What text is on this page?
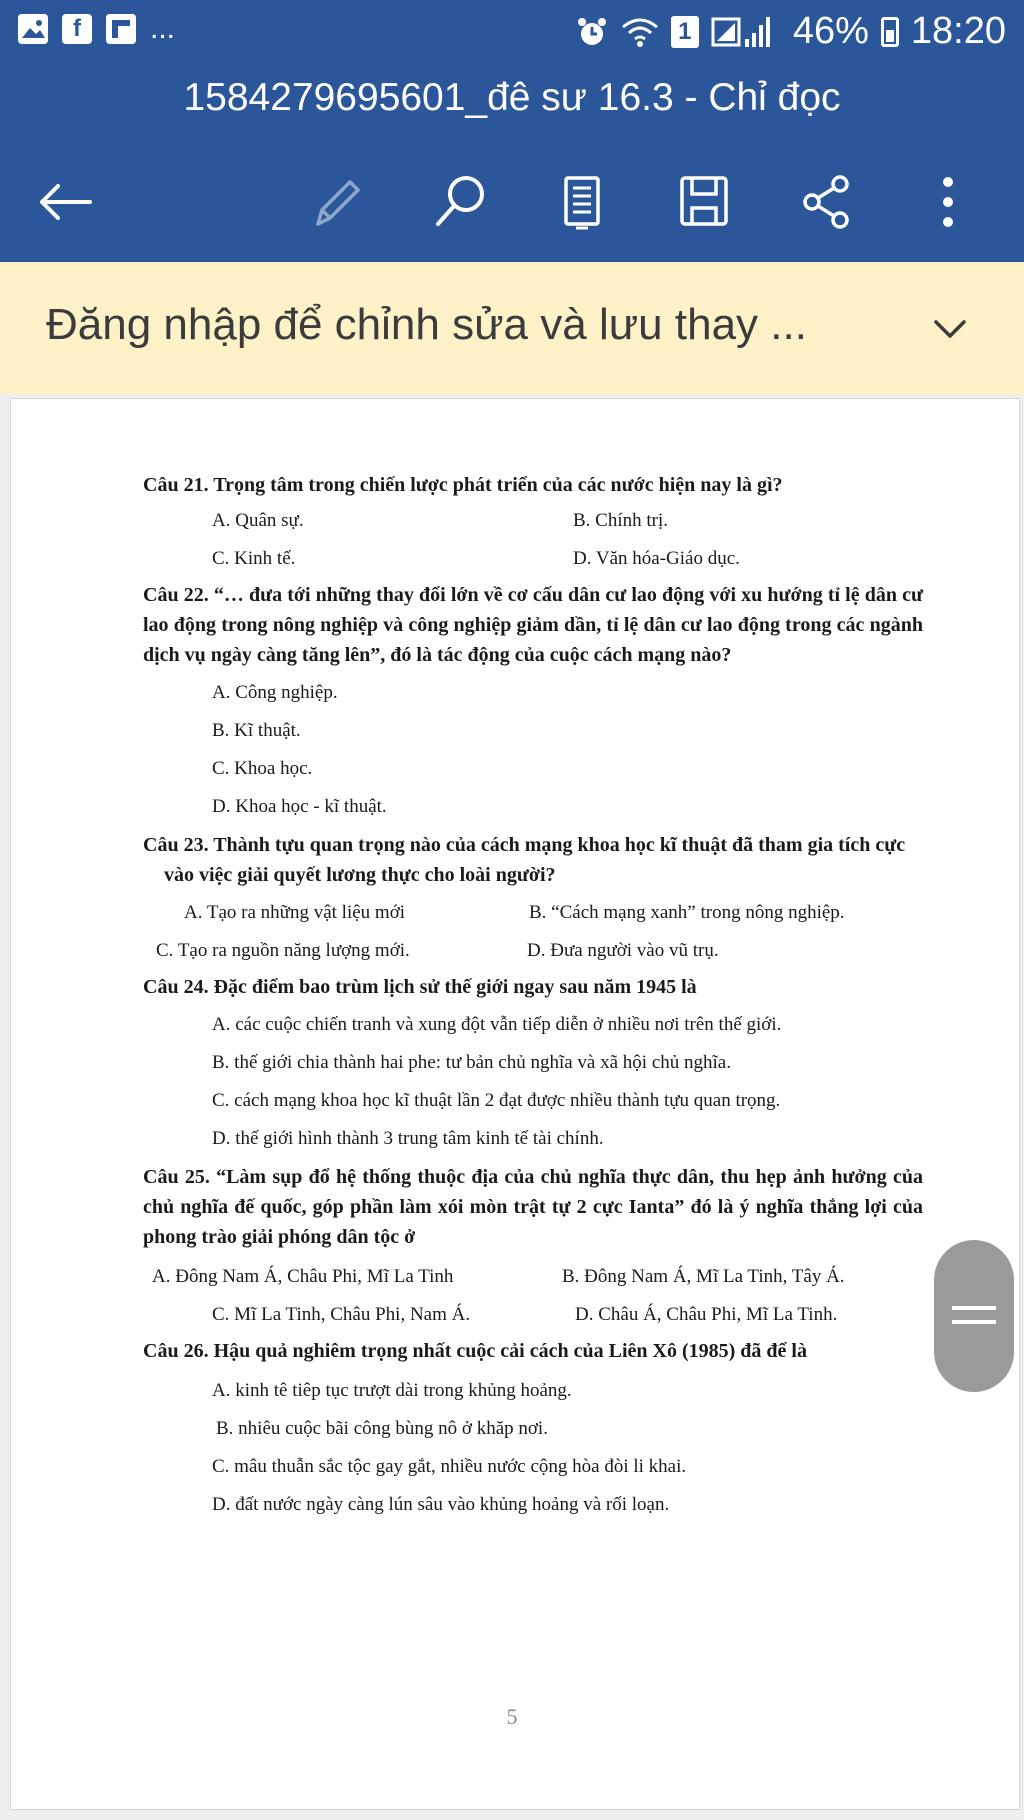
f	...	1	46% 18:20
1584279695601_đê sư 16.3 - Chỉ đọc
Đăng nhập để chỉnh sửa và lưu thay ...

Câu 21. Trọng tâm trong chiến lược phát triển của các nước hiện nay là gì?

A. Quân sự.	B. Chính trị.
C. Kinh tế.	D. Văn hóa-Giáo dục.

Câu 22. “… đưa tới những thay đổi lớn về cơ cấu dân cư lao động với xu hướng tỉ lệ dân cư lao động trong nông nghiệp và công nghiệp giảm dần, tỉ lệ dân cư lao động trong các ngành dịch vụ ngày càng tăng lên”, đó là tác động của cuộc cách mạng nào?

A. Công nghiệp.
B. Kĩ thuật.
C. Khoa học.
D. Khoa học - kĩ thuật.

Câu 23. Thành tựu quan trọng nào của cách mạng khoa học kĩ thuật đã tham gia tích cực vào việc giải quyết lương thực cho loài người?

A. Tạo ra những vật liệu mới	B. “Cách mạng xanh” trong nông nghiệp.
C. Tạo ra nguồn năng lượng mới.	D. Đưa người vào vũ trụ.

Câu 24. Đặc điểm bao trùm lịch sử thế giới ngay sau năm 1945 là

A. các cuộc chiến tranh và xung đột vẫn tiếp diễn ở nhiều nơi trên thế giới.
B. thế giới chia thành hai phe: tư bản chủ nghĩa và xã hội chủ nghĩa.
C. cách mạng khoa học kĩ thuật lần 2 đạt được nhiều thành tựu quan trọng.
D. thế giới hình thành 3 trung tâm kinh tế tài chính.

Câu 25. “Làm sụp đổ hệ thống thuộc địa của chủ nghĩa thực dân, thu hẹp ảnh hưởng của chủ nghĩa đế quốc, góp phần làm xói mòn trật tự 2 cực Ianta” đó là ý nghĩa thắng lợi của phong trào giải phóng dân tộc ở

A. Đông Nam Á, Châu Phi, Mĩ La Tinh	B. Đông Nam Á, Mĩ La Tinh, Tây Á.
C. Mĩ La Tinh, Châu Phi, Nam Á.	D. Châu Á, Châu Phi, Mĩ La Tinh.

Câu 26. Hậu quả nghiêm trọng nhất cuộc cải cách của Liên Xô (1985) đã để là

A. kinh tê tiêp tục trượt dài trong khủng hoảng.
B. nhiêu cuộc bãi công bùng nô ở khăp nơi.
C. mâu thuẫn sắc tộc gay gắt, nhiều nước cộng hòa đòi li khai.
D. đất nước ngày càng lún sâu vào khủng hoảng và rối loạn.
5
